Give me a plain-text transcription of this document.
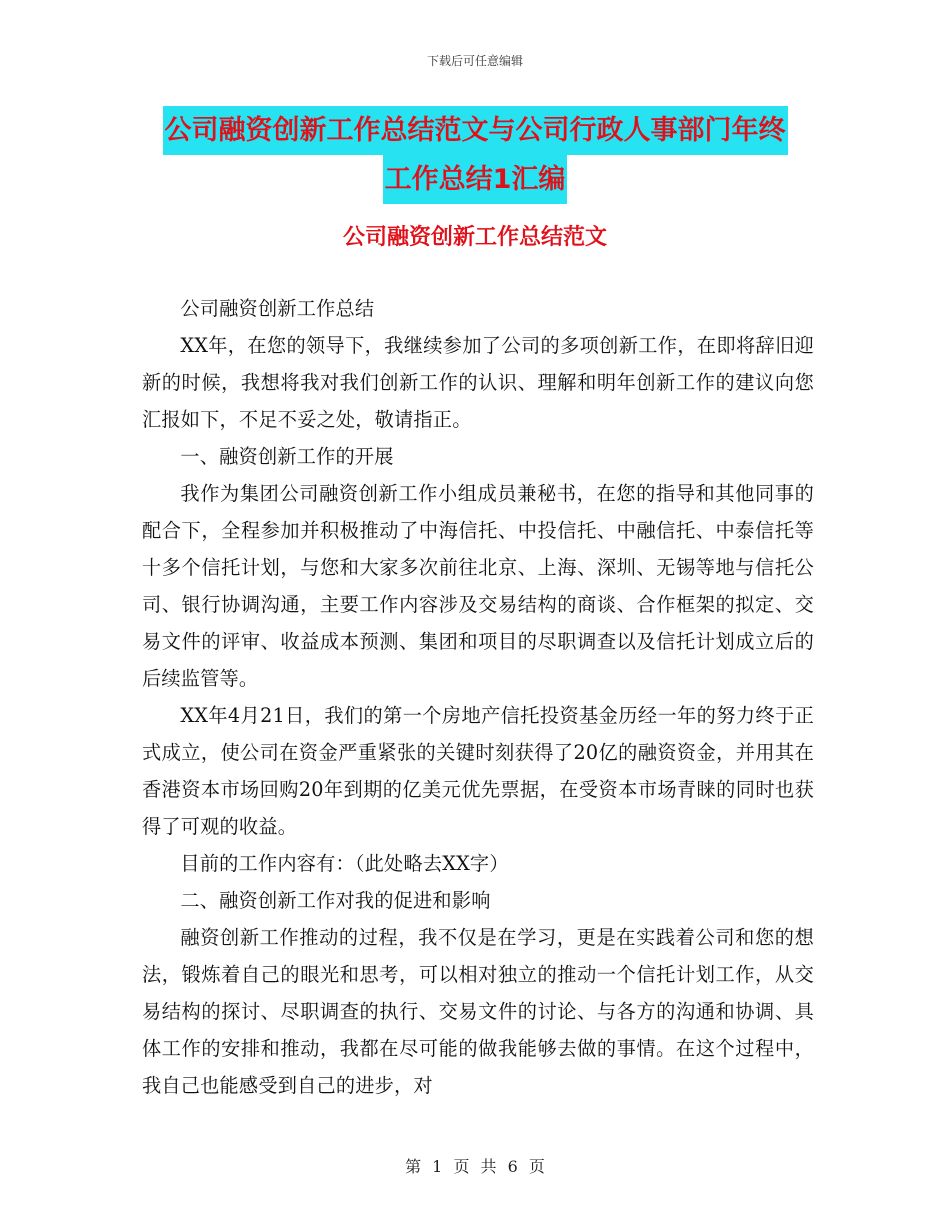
下载后可任意编辑
公司融资创新工作总结范文与公司行政人事部门年终
工作总结1汇编
公司融资创新工作总结范文

公司融资创新工作总结

XX年，在您的领导下，我继续参加了公司的多项创新工作，在即将辞旧迎新的时候，我想将我对我们创新工作的认识、理解和明年创新工作的建议向您汇报如下，不足不妥之处，敬请指正。

一、融资创新工作的开展

我作为集团公司融资创新工作小组成员兼秘书，在您的指导和其他同事的配合下，全程参加并积极推动了中海信托、中投信托、中融信托、中泰信托等十多个信托计划，与您和大家多次前往北京、上海、深圳、无锡等地与信托公司、银行协调沟通，主要工作内容涉及交易结构的商谈、合作框架的拟定、交易文件的评审、收益成本预测、集团和项目的尽职调查以及信托计划成立后的后续监管等。

XX年4月21日，我们的第一个房地产信托投资基金历经一年的努力终于正式成立，使公司在资金严重紧张的关键时刻获得了20亿的融资资金，并用其在香港资本市场回购20年到期的亿美元优先票据，在受资本市场青睐的同时也获得了可观的收益。

目前的工作内容有：（此处略去XX字）

二、融资创新工作对我的促进和影响

融资创新工作推动的过程，我不仅是在学习，更是在实践着公司和您的想法，锻炼着自己的眼光和思考，可以相对独立的推动一个信托计划工作，从交易结构的探讨、尽职调查的执行、交易文件的讨论、与各方的沟通和协调、具体工作的安排和推动，我都在尽可能的做我能够去做的事情。在这个过程中，我自己也能感受到自己的进步，对

第 1 页 共 6 页
